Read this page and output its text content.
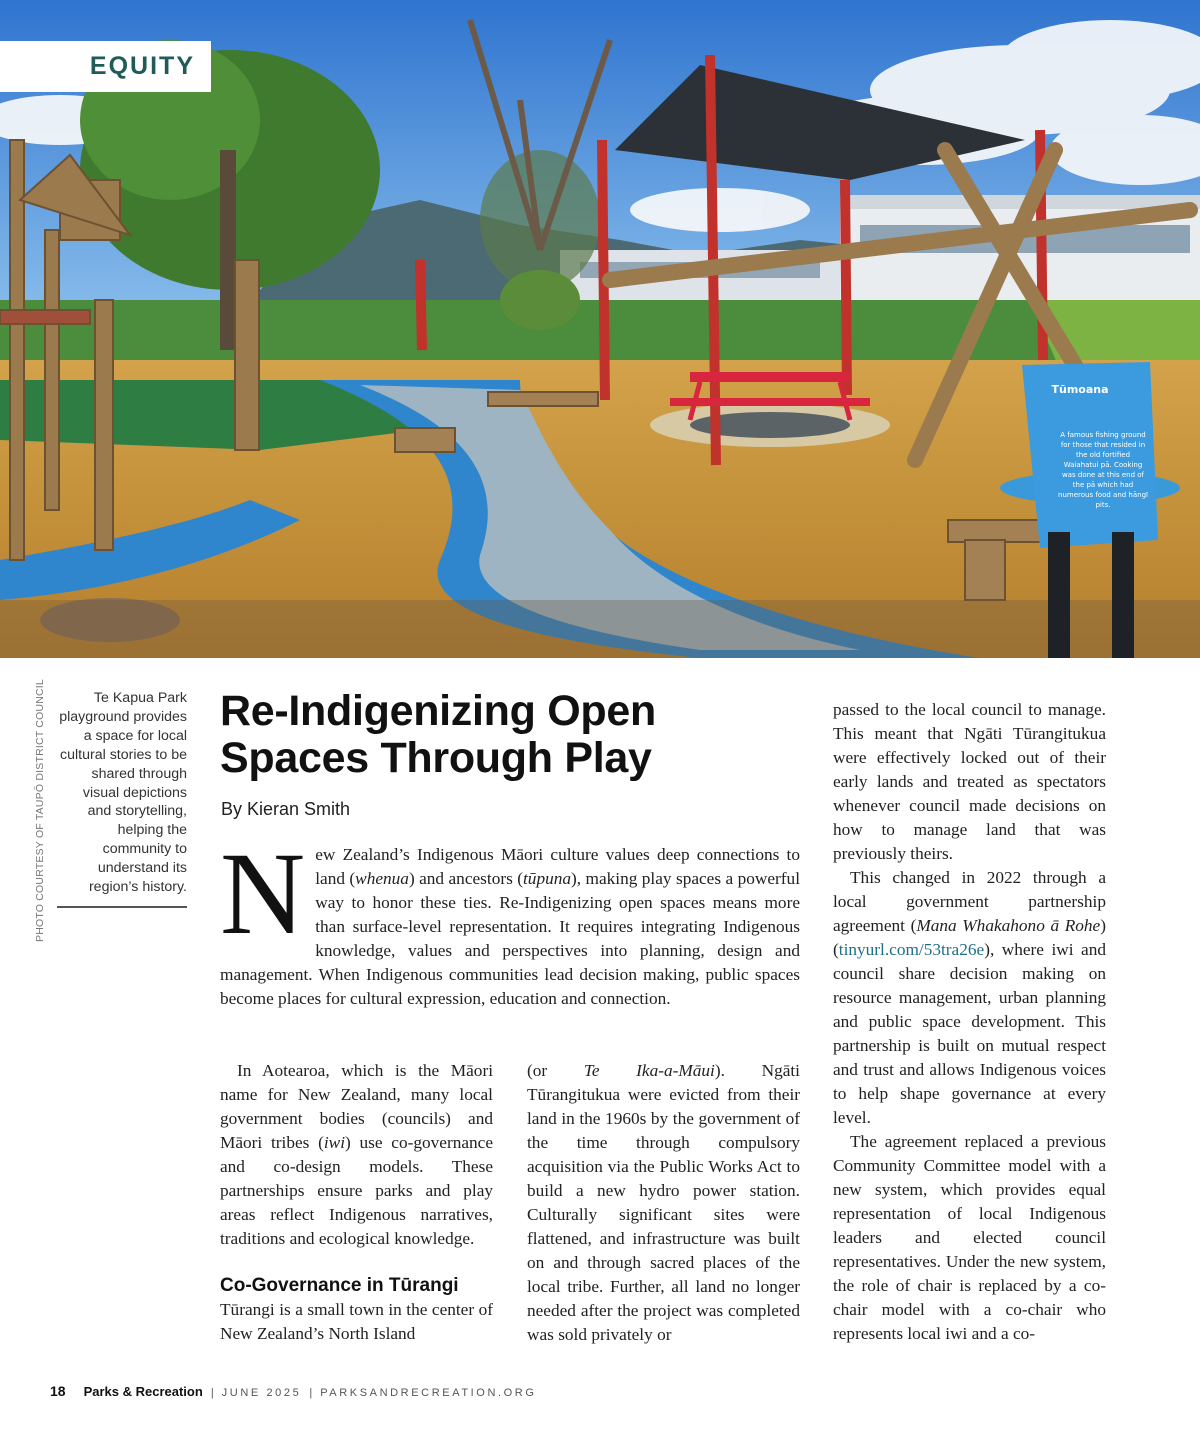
EQUITY
Tūmoana
A famous fishing ground for those that resided in the old fortified Waiahatui pā. Cooking was done at this end of the pā which had numerous food and hāngī pits.
PHOTO COURTESY OF TAUPŌ DISTRICT COUNCIL	Te Kapua Park playground provides a space for local cultural stories to be shared through visual depictions and storytelling, helping the community to understand its region’s history.
Re-Indigenizing Open Spaces Through Play
By Kieran Smith
New Zealand’s Indigenous Māori culture values deep connections to land (whenua) and ancestors (tūpuna), making play spaces a powerful way to honor these ties. Re-Indigenizing open spaces means more than surface-level representation. It requires integrating Indigenous knowledge, values and perspectives into planning, design and management. When Indigenous communities lead decision making, public spaces become places for cultural expression, education and connection.

In Aotearoa, which is the Māori name for New Zealand, many local government bodies (councils) and Māori tribes (iwi) use co-governance and co-design models. These partnerships ensure parks and play areas reflect Indigenous narratives, traditions and ecological knowledge.

Co-Governance in Tūrangi

Tūrangi is a small town in the center of New Zealand’s North Island

(or Te Ika-a-Māui). Ngāti Tūrangitukua were evicted from their land in the 1960s by the government of the time through compulsory acquisition via the Public Works Act to build a new hydro power station. Culturally significant sites were flattened, and infrastructure was built on and through sacred places of the local tribe. Further, all land no longer needed after the project was completed was sold privately or

passed to the local council to manage. This meant that Ngāti Tūrangitukua were effectively locked out of their early lands and treated as spectators whenever council made decisions on how to manage land that was previously theirs.

This changed in 2022 through a local government partnership agreement (Mana Whakahono ā Rohe) (tinyurl.com/53tra26e), where iwi and council share decision making on resource management, urban planning and public space development. This partnership is built on mutual respect and trust and allows Indigenous voices to help shape governance at every level.

The agreement replaced a previous Community Committee model with a new system, which provides equal representation of local Indigenous leaders and elected council representatives. Under the new system, the role of chair is replaced by a co-chair model with a co-chair who represents local iwi and a co-

18 Parks & Recreation | JUNE 2025 | PARKSANDRECREATION.ORG
